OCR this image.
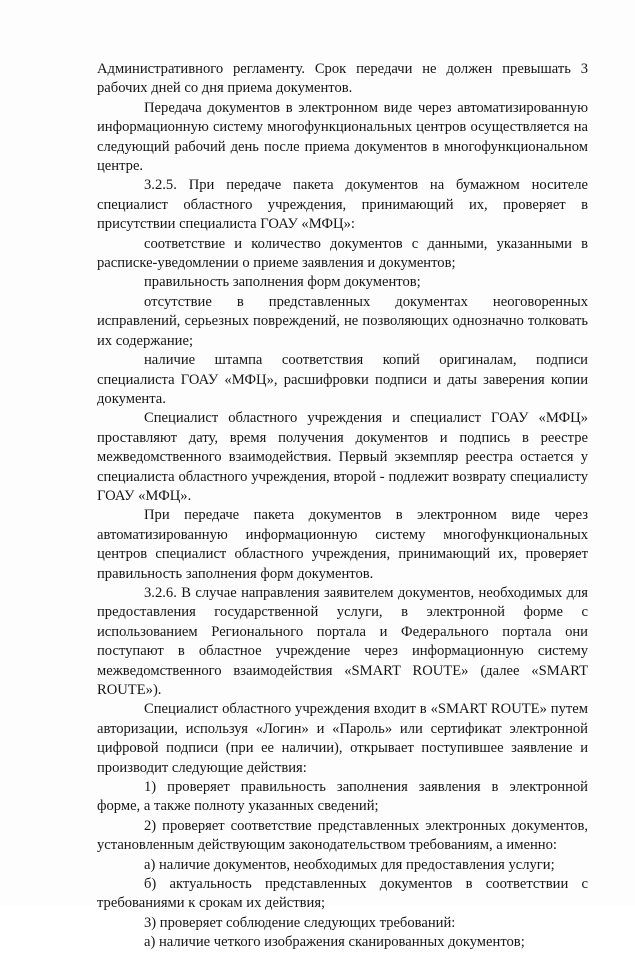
Административного регламенту. Срок передачи не должен превышать 3 рабочих дней со дня приема документов.

Передача документов в электронном виде через автоматизированную информационную систему многофункциональных центров осуществляется на следующий рабочий день после приема документов в многофункциональном центре.

3.2.5. При передаче пакета документов на бумажном носителе специалист областного учреждения, принимающий их, проверяет в присутствии специалиста ГОАУ «МФЦ»:

соответствие и количество документов с данными, указанными в расписке-уведомлении о приеме заявления и документов;

правильность заполнения форм документов;

отсутствие в представленных документах неоговоренных исправлений, серьезных повреждений, не позволяющих однозначно толковать их содержание;

наличие штампа соответствия копий оригиналам, подписи специалиста ГОАУ «МФЦ», расшифровки подписи и даты заверения копии документа.

Специалист областного учреждения и специалист ГОАУ «МФЦ» проставляют дату, время получения документов и подпись в реестре межведомственного взаимодействия. Первый экземпляр реестра остается у специалиста областного учреждения, второй - подлежит возврату специалисту ГОАУ «МФЦ».

При передаче пакета документов в электронном виде через автоматизированную информационную систему многофункциональных центров специалист областного учреждения, принимающий их, проверяет правильность заполнения форм документов.

3.2.6. В случае направления заявителем документов, необходимых для предоставления государственной услуги, в электронной форме с использованием Регионального портала и Федерального портала они поступают в областное учреждение через информационную систему межведомственного взаимодействия «SMART ROUTE» (далее «SMART ROUTE»).

Специалист областного учреждения входит в «SMART ROUTE» путем авторизации, используя «Логин» и «Пароль» или сертификат электронной цифровой подписи (при ее наличии), открывает поступившее заявление и производит следующие действия:

1) проверяет правильность заполнения заявления в электронной форме, а также полноту указанных сведений;

2) проверяет соответствие представленных электронных документов, установленным действующим законодательством требованиям, а именно:

а) наличие документов, необходимых для предоставления услуги;

б) актуальность представленных документов в соответствии с требованиями к срокам их действия;

3) проверяет соблюдение следующих требований:

а) наличие четкого изображения сканированных документов;
